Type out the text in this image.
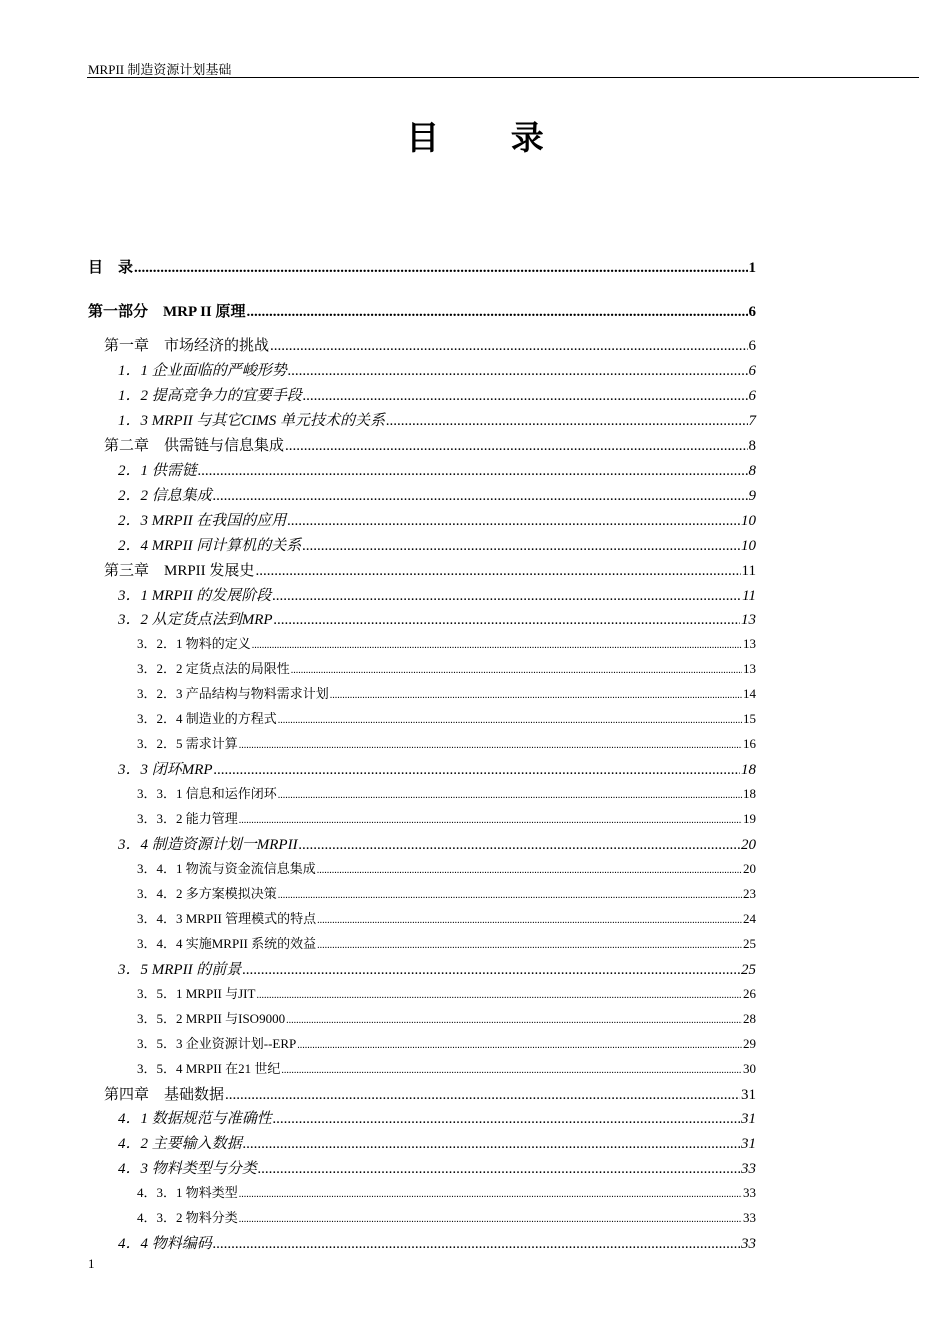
MRPII 制造资源计划基础
目 录
目　录 .....	1
第一部分　MRP II 原理 .....	6
第一章　市场经济的挑战 .....	6
1．1 企业面临的严峻形势 .....	6
1．2 提高竞争力的宜要手段 .....	6
1．3 MRPII 与其它CIMS 单元技术的关系 .....	7
第二章　供需链与信息集成 .....	8
2．1 供需链 .....	8
2．2 信息集成 .....	9
2．3 MRPII 在我国的应用 .....	10
2．4 MRPII 同计算机的关系 .....	10
第三章　MRPII 发展史 .....	11
3．1 MRPII 的发展阶段 .....	11
3．2 从定货点法到MRP .....	13
3．2．1 物料的定义 .....	13
3．2．2 定货点法的局限性 .....	13
3．2．3 产品结构与物料需求计划 .....	14
3．2．4 制造业的方程式 .....	15
3．2．5 需求计算 .....	16
3．3 闭环MRP .....	18
3．3．1 信息和运作闭环 .....	18
3．3．2 能力管理 .....	19
3．4 制造资源计划一MRPII .....	20
3．4．1 物流与资金流信息集成 .....	20
3．4．2 多方案模拟决策 .....	23
3．4．3 MRPII 管理模式的特点 .....	24
3．4．4 实施MRPII 系统的效益 .....	25
3．5 MRPII 的前景 .....	25
3．5．1 MRPII 与JIT .....	26
3．5．2 MRPII 与ISO9000 .....	28
3．5．3 企业资源计划--ERP .....	29
3．5．4 MRPII 在21 世纪 .....	30
第四章　基础数据 .....	31
4．1 数据规范与准确性 .....	31
4．2 主要输入数据 .....	31
4．3 物料类型与分类 .....	33
4．3．1 物料类型 .....	33
4．3．2 物料分类 .....	33
4．4 物料编码 .....	33
1
